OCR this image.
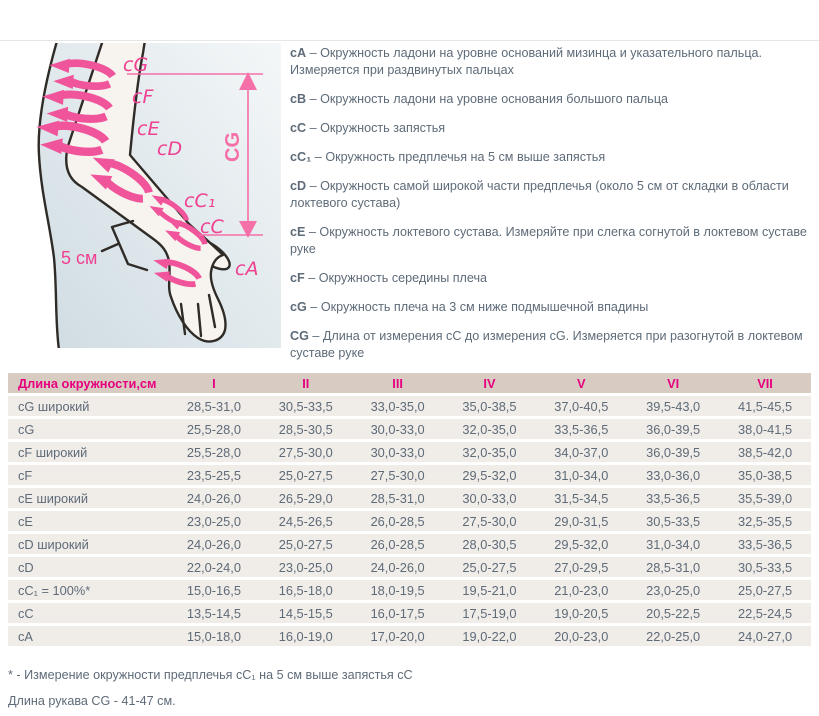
cG
cF
cE
cD
cC₁
cC
cA
CG
5 см

cA – Окружность ладони на уровне оснований мизинца и указательного пальца. Измеряется при раздвинутых пальцах

cB – Окружность ладони на уровне основания большого пальца

cC – Окружность запястья

cC₁ – Окружность предплечья на 5 см выше запястья

cD – Окружность самой широкой части предплечья (около 5 см от складки в области локтевого сустава)

cE – Окружность локтевого сустава. Измеряйте при слегка согнутой в локтевом суставе руке

cF – Окружность середины плеча

cG – Окружность плеча на 3 см ниже подмышечной впадины

CG – Длина от измерения cC до измерения cG. Измеряется при разогнутой в локтевом суставе руке

Длина окружности,см	I	II	III	IV	V	VI	VII
cG широкий	28,5-31,0	30,5-33,5	33,0-35,0	35,0-38,5	37,0-40,5	39,5-43,0	41,5-45,5
cG	25,5-28,0	28,5-30,5	30,0-33,0	32,0-35,0	33,5-36,5	36,0-39,5	38,0-41,5
cF широкий	25,5-28,0	27,5-30,0	30,0-33,0	32,0-35,0	34,0-37,0	36,0-39,5	38,5-42,0
cF	23,5-25,5	25,0-27,5	27,5-30,0	29,5-32,0	31,0-34,0	33,0-36,0	35,0-38,5
cE широкий	24,0-26,0	26,5-29,0	28,5-31,0	30,0-33,0	31,5-34,5	33,5-36,5	35,5-39,0
cE	23,0-25,0	24,5-26,5	26,0-28,5	27,5-30,0	29,0-31,5	30,5-33,5	32,5-35,5
cD широкий	24,0-26,0	25,0-27,5	26,0-28,5	28,0-30,5	29,5-32,0	31,0-34,0	33,5-36,5
cD	22,0-24,0	23,0-25,0	24,0-26,0	25,0-27,5	27,0-29,5	28,5-31,0	30,5-33,5
cC₁ = 100%*	15,0-16,5	16,5-18,0	18,0-19,5	19,5-21,0	21,0-23,0	23,0-25,0	25,0-27,5
cC	13,5-14,5	14,5-15,5	16,0-17,5	17,5-19,0	19,0-20,5	20,5-22,5	22,5-24,5
cA	15,0-18,0	16,0-19,0	17,0-20,0	19,0-22,0	20,0-23,0	22,0-25,0	24,0-27,0
* - Измерение окружности предплечья cC₁ на 5 см выше запястья cC
Длина рукава CG - 41-47 см.
